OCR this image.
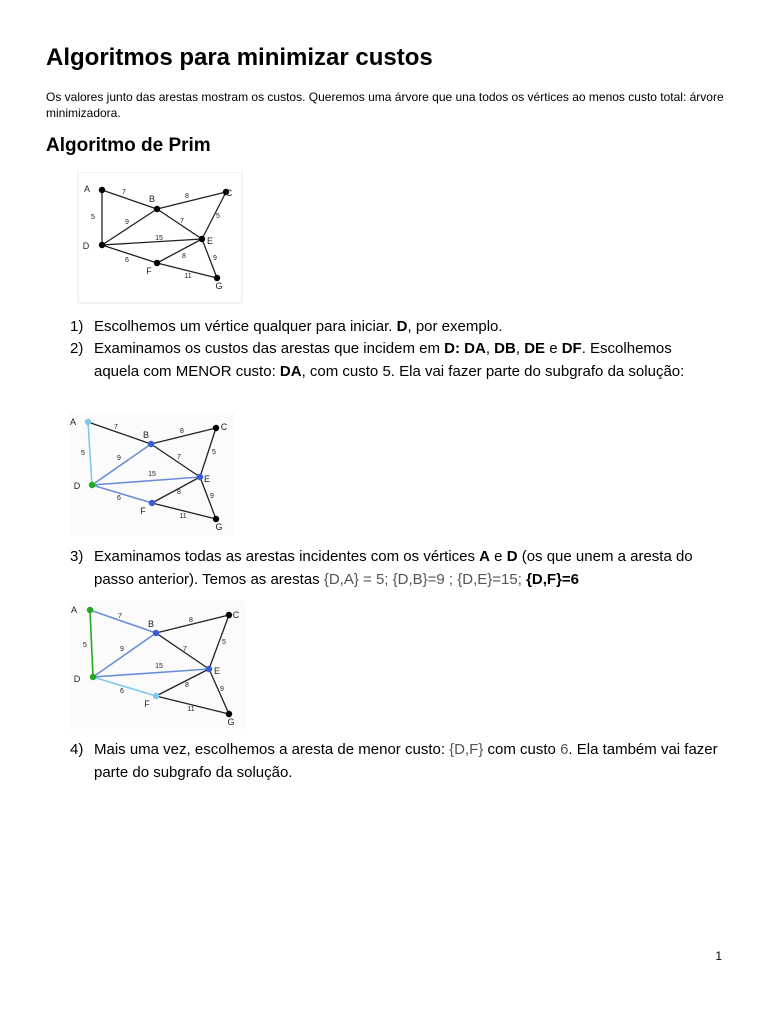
Algoritmos para minimizar custos

Os valores junto das arestas mostram os custos. Queremos uma árvore que una todos os vértices ao menos custo total: árvore minimizadora.

Algoritmo de Prim
7
8
5
9	7
5
15
6
8	9
11
A
B
C
D	E
F
G

1) Escolhemos um vértice qualquer para iniciar. D, por exemplo.

2) Examinamos os custos das arestas que incidem em D: DA, DB, DE e DF. Escolhemos aquela com MENOR custo: DA, com custo 5. Ela vai fazer parte do subgrafo da solução:

7
8
5
9	7
5
15
6
8
9
11
A
B
C
D
E
F
G

3) Examinamos todas as arestas incidentes com os vértices A e D (os que unem a aresta do passo anterior). Temos as arestas {D,A} = 5; {D,B}=9 ; {D,E}=15; {D,F}=6

7
8
5
9	7
5
15
6
8
9
11
A
B
C
D
E
F
G

4) Mais uma vez, escolhemos a aresta de menor custo: {D,F} com custo 6. Ela também vai fazer parte do subgrafo da solução.

1
